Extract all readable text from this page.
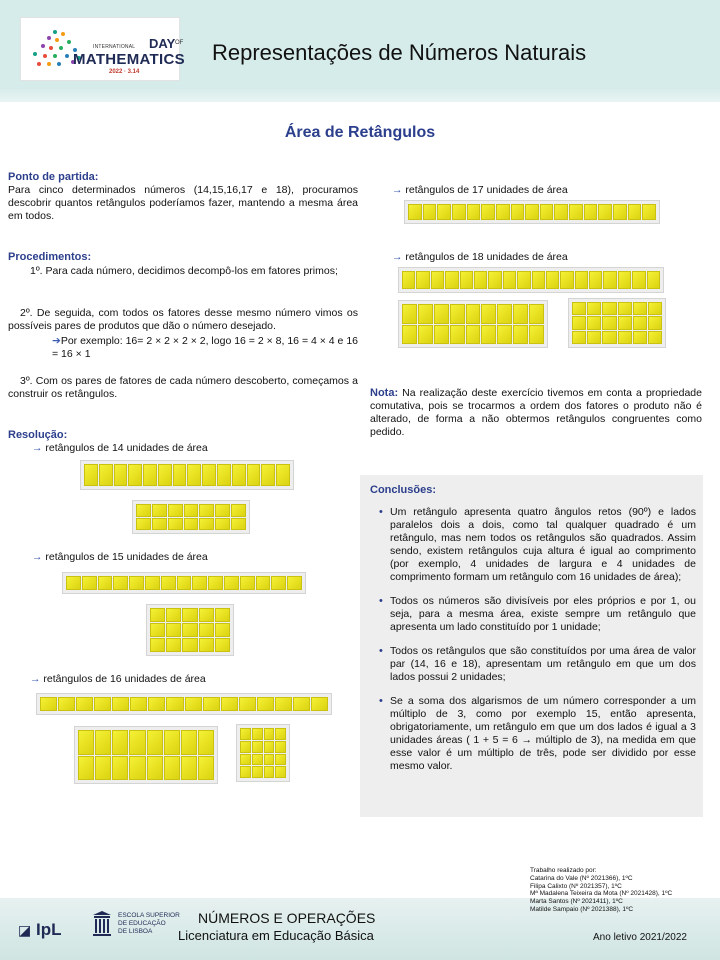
INTERNATIONAL DAY OF
MATHEMATICS
2022 · 3.14
Representações de Números Naturais
Área de Retângulos
Ponto de partida:
Para cinco determinados números (14,15,16,17 e 18), procuramos descobrir quantos retângulos poderíamos fazer, mantendo a mesma área em todos.
Procedimentos:
1º. Para cada número, decidimos decompô-los em fatores primos;
2º. De seguida, com todos os fatores desse mesmo número vimos os possíveis pares de produtos que dão o número desejado.
➔Por exemplo: 16= 2 × 2 × 2 × 2, logo 16 = 2 × 8, 16 = 4 × 4 e 16 = 16 × 1
3º. Com os pares de fatores de cada número descoberto, começamos a construir os retângulos.
Resolução:
→ retângulos de 14 unidades de área
→ retângulos de 15 unidades de área
→ retângulos de 16 unidades de área
→ retângulos de 17 unidades de área
→ retângulos de 18 unidades de área
Nota: Na realização deste exercício tivemos em conta a propriedade comutativa, pois se trocarmos a ordem dos fatores o produto não é alterado, de forma a não obtermos retângulos congruentes como pedido.
Conclusões:
• Um retângulo apresenta quatro ângulos retos (90º) e lados paralelos dois a dois, como tal qualquer quadrado é um retângulo, mas nem todos os retângulos são quadrados. Assim sendo, existem retângulos cuja altura é igual ao comprimento (por exemplo, 4 unidades de largura e 4 unidades de comprimento formam um retângulo com 16 unidades de área);
• Todos os números são divisíveis por eles próprios e por 1, ou seja, para a mesma área, existe sempre um retângulo que apresenta um lado constituído por 1 unidade;
• Todos os retângulos que são constituídos por uma área de valor par (14, 16 e 18), apresentam um retângulo em que um dos lados possui 2 unidades;
• Se a soma dos algarismos de um número corresponder a um múltiplo de 3, como por exemplo 15, então apresenta, obrigatoriamente, um retângulo em que um dos lados é igual a 3 unidades áreas ( 1 + 5 = 6 → múltiplo de 3), na medida em que esse valor é um múltiplo de três, pode ser dividido por esse mesmo valor.
Trabalho realizado por:
Catarina do Vale (Nº 2021366), 1ºC
Filipa Calixto (Nº 2021357), 1ºC
Mª Madalena Teixeira da Mota (Nº 2021428), 1ºC
Marta Santos (Nº 2021411), 1ºC
Matilde Sampaio (Nº 2021388), 1ºC
◪ IpL
ESCOLA SUPERIOR
DE EDUCAÇÃO
DE LISBOA
NÚMEROS E OPERAÇÕES
Licenciatura em Educação Básica	Ano letivo 2021/2022
